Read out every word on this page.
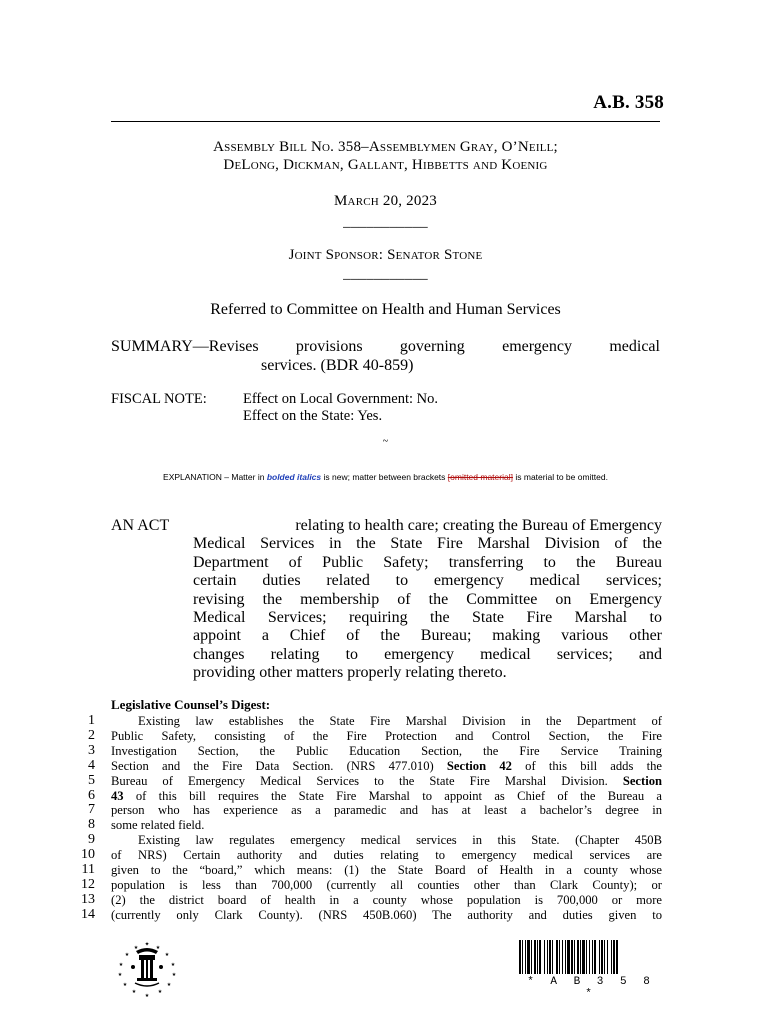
A.B. 358
Assembly Bill No. 358–Assemblymen Gray, O’Neill;
DeLong, Dickman, Gallant, Hibbetts and Koenig
March 20, 2023
___________
Joint Sponsor: Senator Stone
___________
Referred to Committee on Health and Human Services
SUMMARY—Revises provisions governing emergency medical
services. (BDR 40-859)
FISCAL NOTE:	Effect on Local Government: No.
Effect on the State: Yes.
~
EXPLANATION – Matter in bolded italics is new; matter between brackets [omitted material] is material to be omitted.
AN ACT	relating to health care; creating the Bureau of Emergency
Medical Services in the State Fire Marshal Division of the
Department of Public Safety; transferring to the Bureau
certain duties related to emergency medical services;
revising the membership of the Committee on Emergency
Medical Services; requiring the State Fire Marshal to
appoint a Chief of the Bureau; making various other
changes relating to emergency medical services; and
providing other matters properly relating thereto.
Legislative Counsel’s Digest:
1
2
3
4
5
6
7
8
9
10
11
12
13
14
Existing law establishes the State Fire Marshal Division in the Department of
Public Safety, consisting of the Fire Protection and Control Section, the Fire
Investigation Section, the Public Education Section, the Fire Service Training
Section and the Fire Data Section. (NRS 477.010) Section 42 of this bill adds the
Bureau of Emergency Medical Services to the State Fire Marshal Division. Section
43 of this bill requires the State Fire Marshal to appoint as Chief of the Bureau a
person who has experience as a paramedic and has at least a bachelor’s degree in
some related field.
Existing law regulates emergency medical services in this State. (Chapter 450B
of NRS) Certain authority and duties relating to emergency medical services are
given to the “board,” which means: (1) the State Board of Health in a county whose
population is less than 700,000 (currently all counties other than Clark County); or
(2) the district board of health in a county whose population is 700,000 or more
(currently only Clark County). (NRS 450B.060) The authority and duties given to
✦
★	★
★	★
★	★
★	★
★	★
★	★
★
* A B 3 5 8 *
